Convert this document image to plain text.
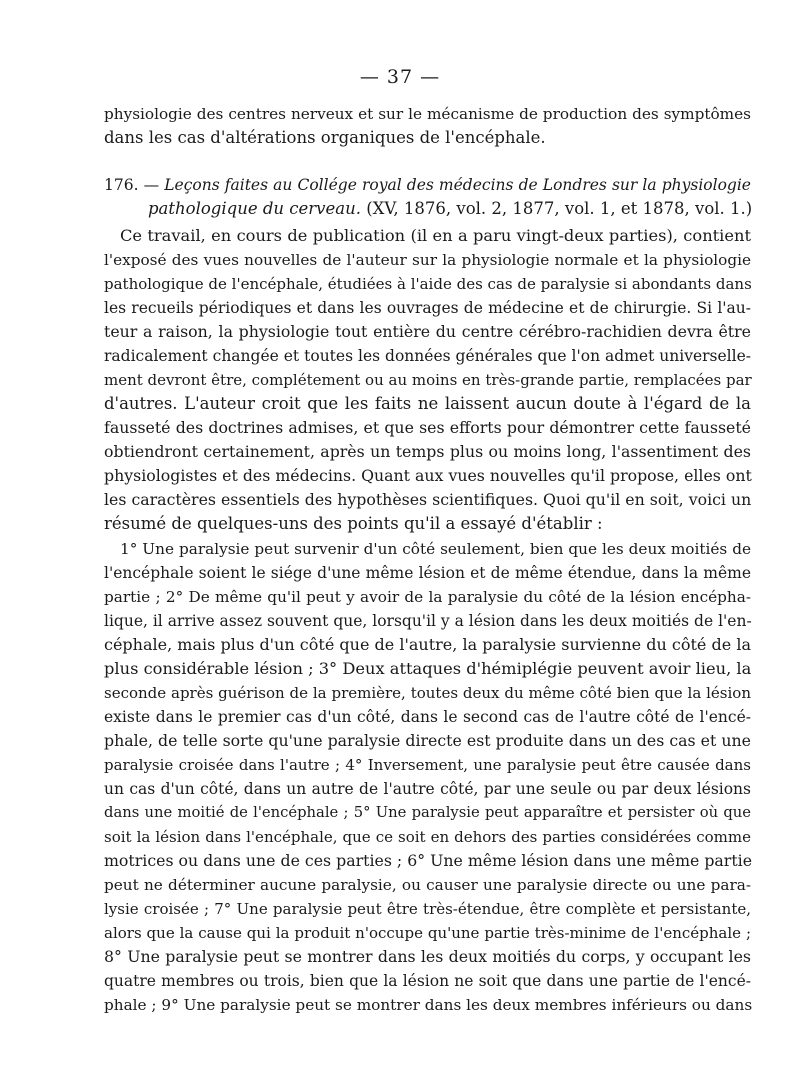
— 37 —
physiologie des centres nerveux et sur le mécanisme de production des symptômes
dans les cas d'altérations organiques de l'encéphale.
176. — Leçons faites au Collége royal des médecins de Londres sur la physiologie
pathologique du cerveau. (XV, 1876, vol. 2, 1877, vol. 1, et 1878, vol. 1.)
Ce travail, en cours de publication (il en a paru vingt-deux parties), contient
l'exposé des vues nouvelles de l'auteur sur la physiologie normale et la physiologie
pathologique de l'encéphale, étudiées à l'aide des cas de paralysie si abondants dans
les recueils périodiques et dans les ouvrages de médecine et de chirurgie. Si l'au-
teur a raison, la physiologie tout entière du centre cérébro-rachidien devra être
radicalement changée et toutes les données générales que l'on admet universelle-
ment devront être, complétement ou au moins en très-grande partie, remplacées par
d'autres. L'auteur croit que les faits ne laissent aucun doute à l'égard de la
fausseté des doctrines admises, et que ses efforts pour démontrer cette fausseté
obtiendront certainement, après un temps plus ou moins long, l'assentiment des
physiologistes et des médecins. Quant aux vues nouvelles qu'il propose, elles ont
les caractères essentiels des hypothèses scientifiques. Quoi qu'il en soit, voici un
résumé de quelques-uns des points qu'il a essayé d'établir :
1° Une paralysie peut survenir d'un côté seulement, bien que les deux moitiés de
l'encéphale soient le siége d'une même lésion et de même étendue, dans la même
partie ; 2° De même qu'il peut y avoir de la paralysie du côté de la lésion encépha-
lique, il arrive assez souvent que, lorsqu'il y a lésion dans les deux moitiés de l'en-
céphale, mais plus d'un côté que de l'autre, la paralysie survienne du côté de la
plus considérable lésion ; 3° Deux attaques d'hémiplégie peuvent avoir lieu, la
seconde après guérison de la première, toutes deux du même côté bien que la lésion
existe dans le premier cas d'un côté, dans le second cas de l'autre côté de l'encé-
phale, de telle sorte qu'une paralysie directe est produite dans un des cas et une
paralysie croisée dans l'autre ; 4° Inversement, une paralysie peut être causée dans
un cas d'un côté, dans un autre de l'autre côté, par une seule ou par deux lésions
dans une moitié de l'encéphale ; 5° Une paralysie peut apparaître et persister où que
soit la lésion dans l'encéphale, que ce soit en dehors des parties considérées comme
motrices ou dans une de ces parties ; 6° Une même lésion dans une même partie
peut ne déterminer aucune paralysie, ou causer une paralysie directe ou une para-
lysie croisée ; 7° Une paralysie peut être très-étendue, être complète et persistante,
alors que la cause qui la produit n'occupe qu'une partie très-minime de l'encéphale ;
8° Une paralysie peut se montrer dans les deux moitiés du corps, y occupant les
quatre membres ou trois, bien que la lésion ne soit que dans une partie de l'encé-
phale ; 9° Une paralysie peut se montrer dans les deux membres inférieurs ou dans
